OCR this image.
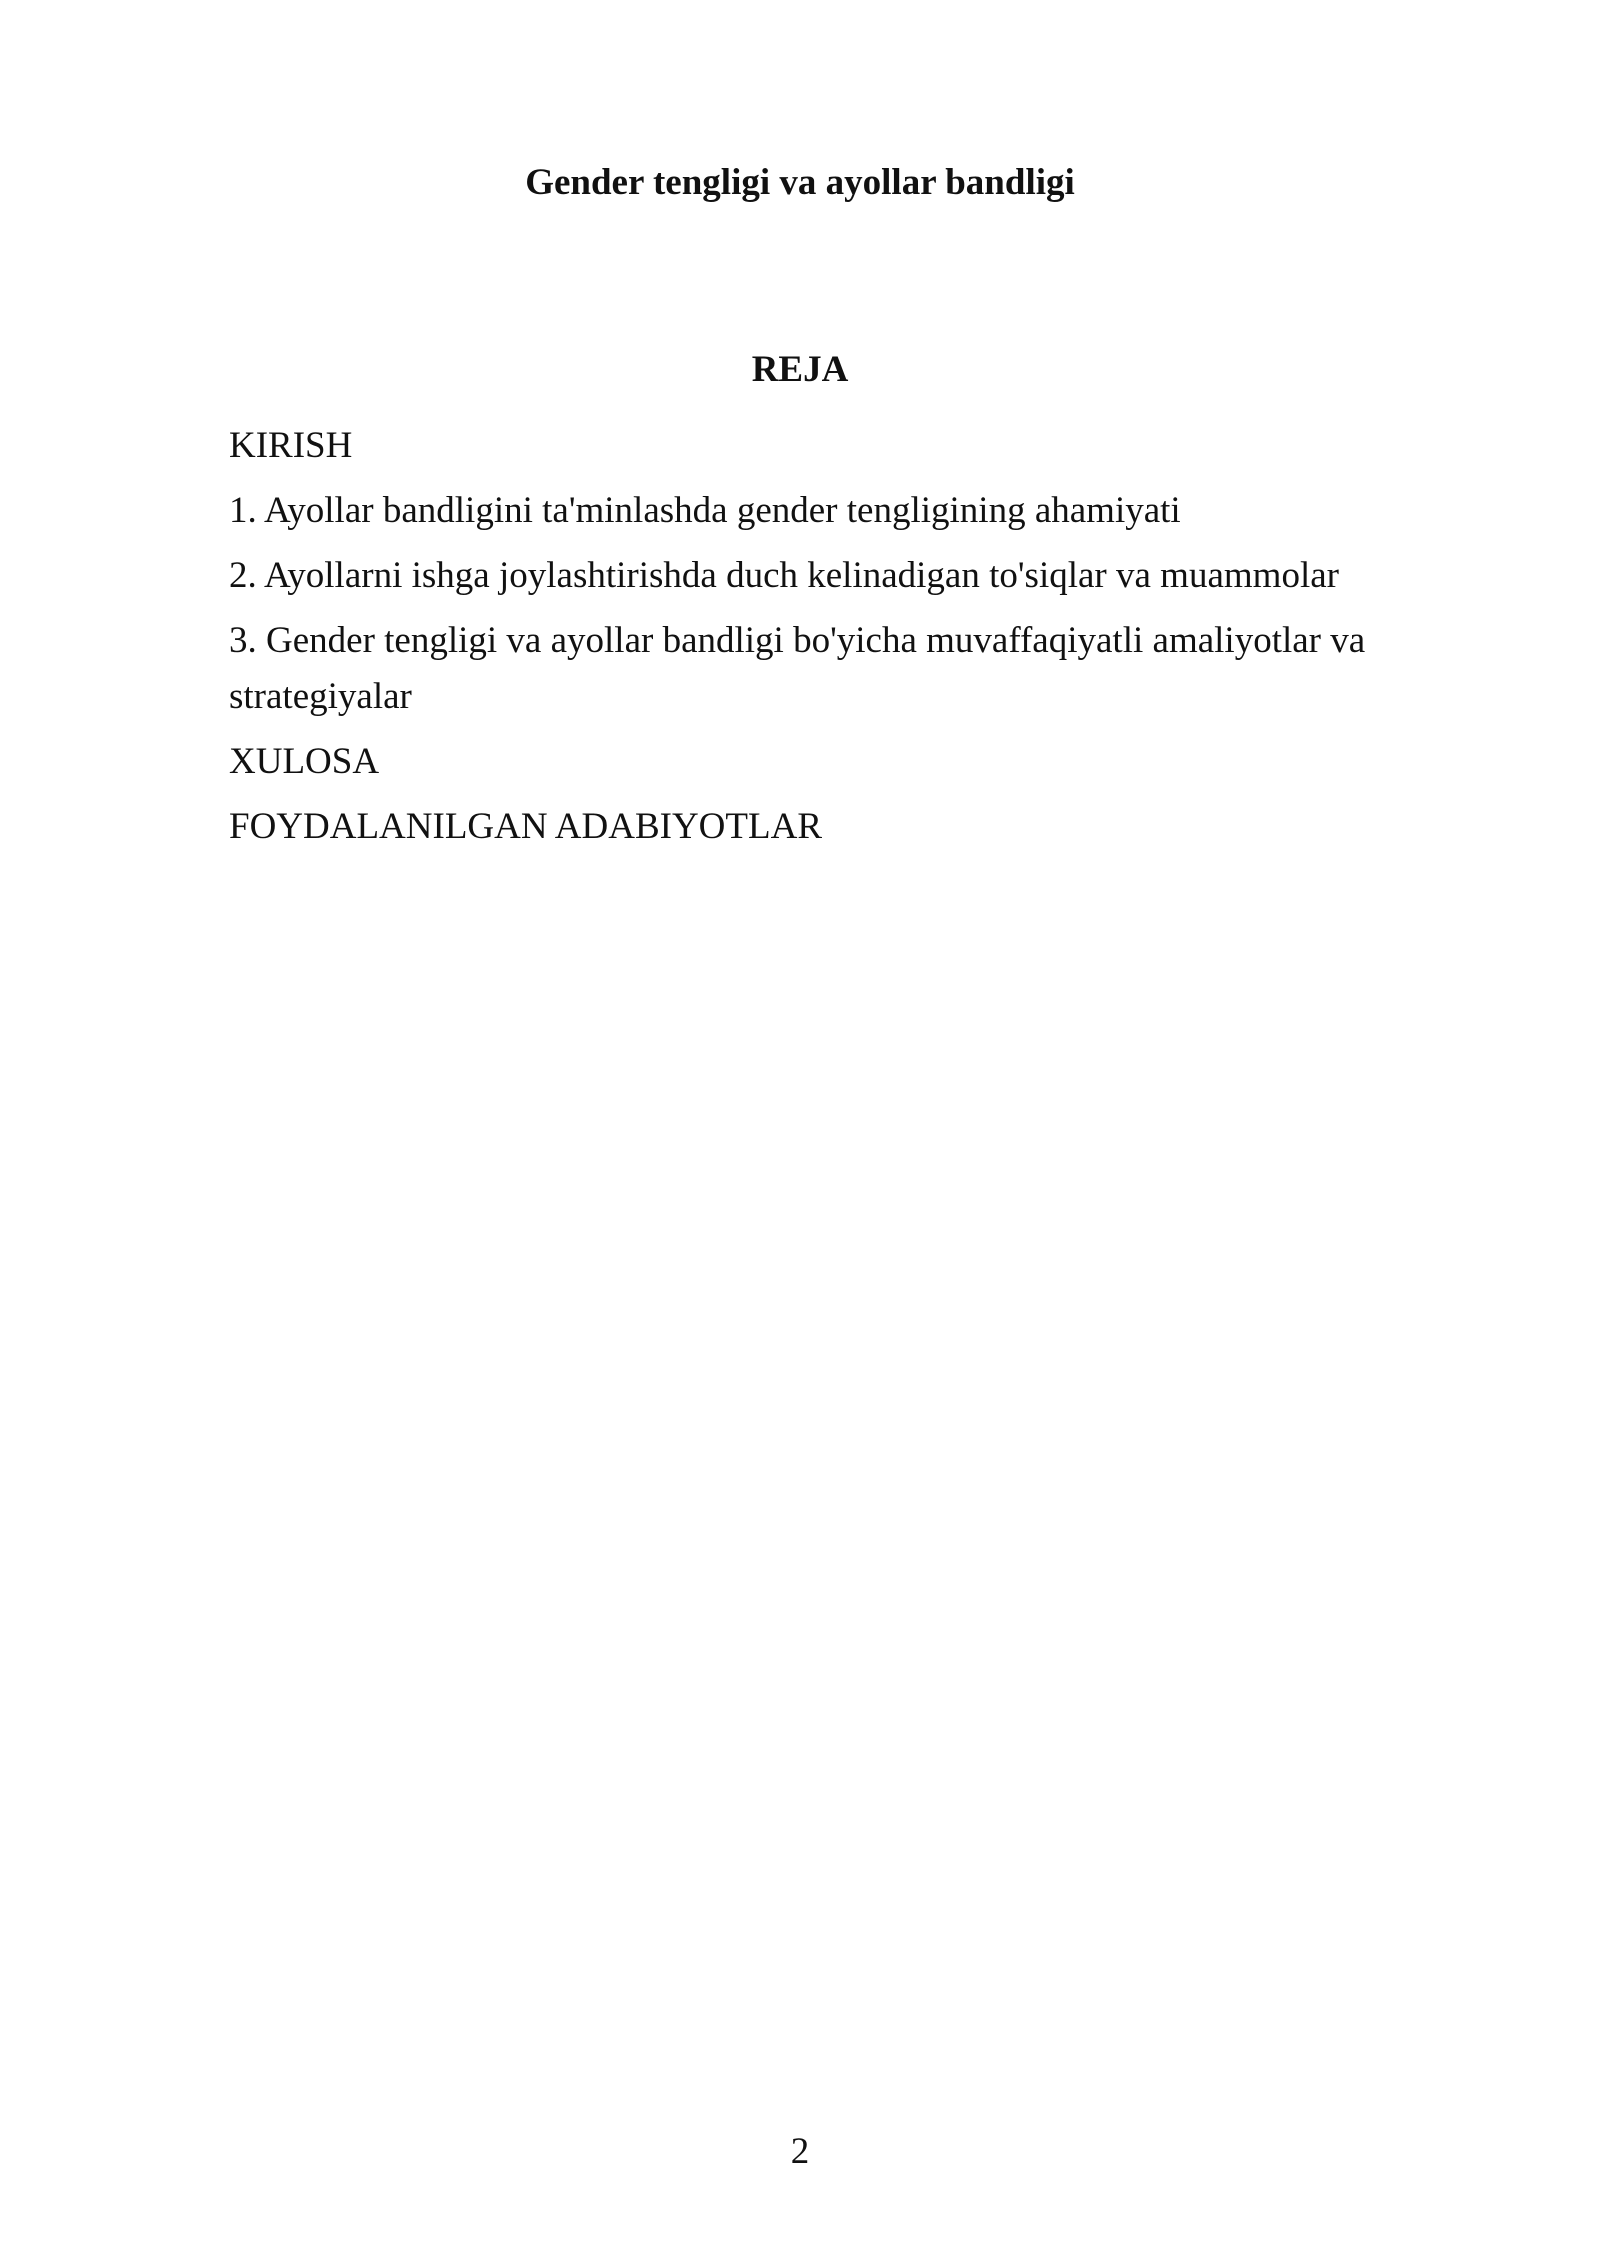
Gender tengligi va ayollar bandligi
REJA
KIRISH
1. Ayollar bandligini ta'minlashda gender tengligining ahamiyati
2. Ayollarni ishga joylashtirishda duch kelinadigan to'siqlar va muammolar
3. Gender tengligi va ayollar bandligi bo'yicha muvaffaqiyatli amaliyotlar va strategiyalar
XULOSA
FOYDALANILGAN ADABIYOTLAR
2
